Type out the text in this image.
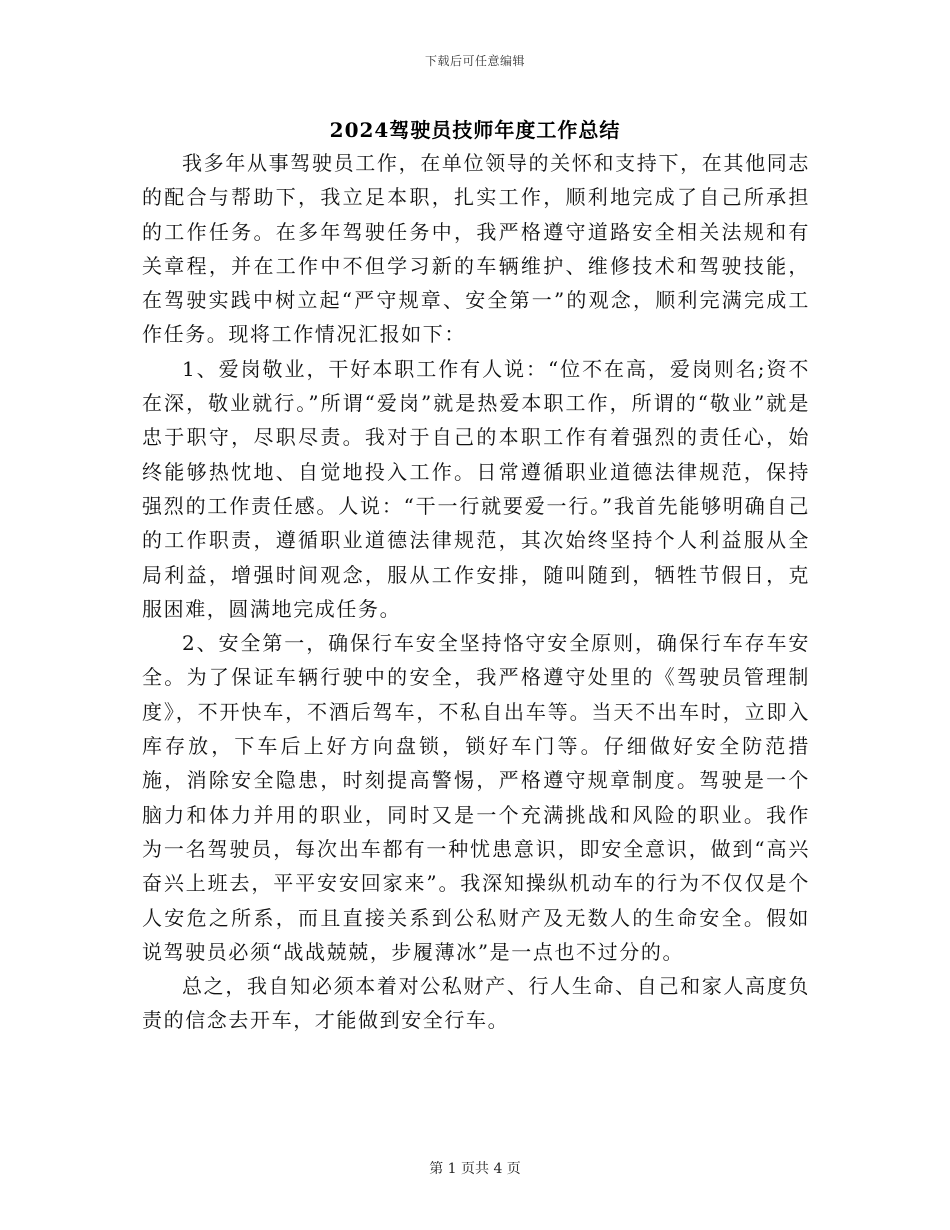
下载后可任意编辑
2024驾驶员技师年度工作总结

我多年从事驾驶员工作，在单位领导的关怀和支持下，在其他同志的配合与帮助下，我立足本职，扎实工作，顺利地完成了自己所承担的工作任务。在多年驾驶任务中，我严格遵守道路安全相关法规和有关章程，并在工作中不但学习新的车辆维护、维修技术和驾驶技能，在驾驶实践中树立起“严守规章、安全第一”的观念，顺利完满完成工作任务。现将工作情况汇报如下：

1、爱岗敬业，干好本职工作有人说：“位不在高，爱岗则名;资不在深，敬业就行。”所谓“爱岗”就是热爱本职工作，所谓的“敬业”就是忠于职守，尽职尽责。我对于自己的本职工作有着强烈的责任心，始终能够热忱地、自觉地投入工作。日常遵循职业道德法律规范，保持强烈的工作责任感。人说：“干一行就要爱一行。”我首先能够明确自己的工作职责，遵循职业道德法律规范，其次始终坚持个人利益服从全局利益，增强时间观念，服从工作安排，随叫随到，牺牲节假日，克服困难，圆满地完成任务。

2、安全第一，确保行车安全坚持恪守安全原则，确保行车存车安全。为了保证车辆行驶中的安全，我严格遵守处里的《驾驶员管理制度》，不开快车，不酒后驾车，不私自出车等。当天不出车时，立即入库存放，下车后上好方向盘锁，锁好车门等。仔细做好安全防范措施，消除安全隐患，时刻提高警惕，严格遵守规章制度。驾驶是一个脑力和体力并用的职业，同时又是一个充满挑战和风险的职业。我作为一名驾驶员，每次出车都有一种忧患意识，即安全意识，做到“高兴奋兴上班去，平平安安回家来”。我深知操纵机动车的行为不仅仅是个人安危之所系，而且直接关系到公私财产及无数人的生命安全。假如说驾驶员必须“战战兢兢，步履薄冰”是一点也不过分的。

总之，我自知必须本着对公私财产、行人生命、自己和家人高度负责的信念去开车，才能做到安全行车。

第 1 页共 4 页
